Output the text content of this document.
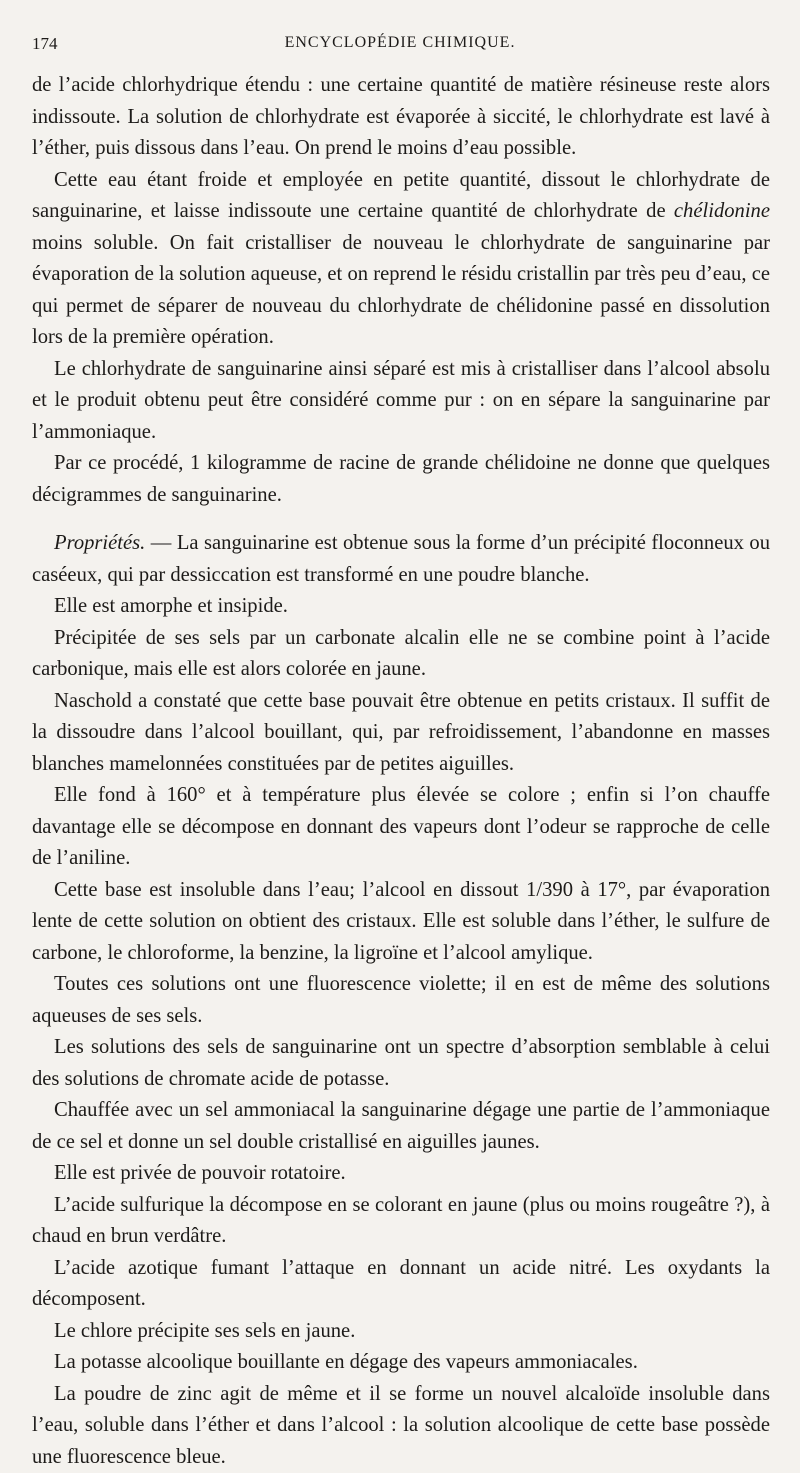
174	ENCYCLOPÉDIE CHIMIQUE.

de l’acide chlorhydrique étendu : une certaine quantité de matière résineuse reste alors indissoute. La solution de chlorhydrate est évaporée à siccité, le chlorhydrate est lavé à l’éther, puis dissous dans l’eau. On prend le moins d’eau possible.

Cette eau étant froide et employée en petite quantité, dissout le chlorhydrate de sanguinarine, et laisse indissoute une certaine quantité de chlorhydrate de chélidonine moins soluble. On fait cristalliser de nouveau le chlorhydrate de sanguinarine par évaporation de la solution aqueuse, et on reprend le résidu cristallin par très peu d’eau, ce qui permet de séparer de nouveau du chlorhydrate de chélidonine passé en dissolution lors de la première opération.

Le chlorhydrate de sanguinarine ainsi séparé est mis à cristalliser dans l’alcool absolu et le produit obtenu peut être considéré comme pur : on en sépare la sanguinarine par l’ammoniaque.

Par ce procédé, 1 kilogramme de racine de grande chélidoine ne donne que quelques décigrammes de sanguinarine.

Propriétés. — La sanguinarine est obtenue sous la forme d’un précipité floconneux ou caséeux, qui par dessiccation est transformé en une poudre blanche.

Elle est amorphe et insipide.

Précipitée de ses sels par un carbonate alcalin elle ne se combine point à l’acide carbonique, mais elle est alors colorée en jaune.

Naschold a constaté que cette base pouvait être obtenue en petits cristaux. Il suffit de la dissoudre dans l’alcool bouillant, qui, par refroidissement, l’abandonne en masses blanches mamelonnées constituées par de petites aiguilles.

Elle fond à 160° et à température plus élevée se colore ; enfin si l’on chauffe davantage elle se décompose en donnant des vapeurs dont l’odeur se rapproche de celle de l’aniline.

Cette base est insoluble dans l’eau; l’alcool en dissout 1/390 à 17°, par évaporation lente de cette solution on obtient des cristaux. Elle est soluble dans l’éther, le sulfure de carbone, le chloroforme, la benzine, la ligroïne et l’alcool amylique.

Toutes ces solutions ont une fluorescence violette; il en est de même des solutions aqueuses de ses sels.

Les solutions des sels de sanguinarine ont un spectre d’absorption semblable à celui des solutions de chromate acide de potasse.

Chauffée avec un sel ammoniacal la sanguinarine dégage une partie de l’ammoniaque de ce sel et donne un sel double cristallisé en aiguilles jaunes.

Elle est privée de pouvoir rotatoire.

L’acide sulfurique la décompose en se colorant en jaune (plus ou moins rougeâtre ?), à chaud en brun verdâtre.

L’acide azotique fumant l’attaque en donnant un acide nitré. Les oxydants la décomposent.

Le chlore précipite ses sels en jaune.

La potasse alcoolique bouillante en dégage des vapeurs ammoniacales.

La poudre de zinc agit de même et il se forme un nouvel alcaloïde insoluble dans l’eau, soluble dans l’éther et dans l’alcool : la solution alcoolique de cette base possède une fluorescence bleue.
